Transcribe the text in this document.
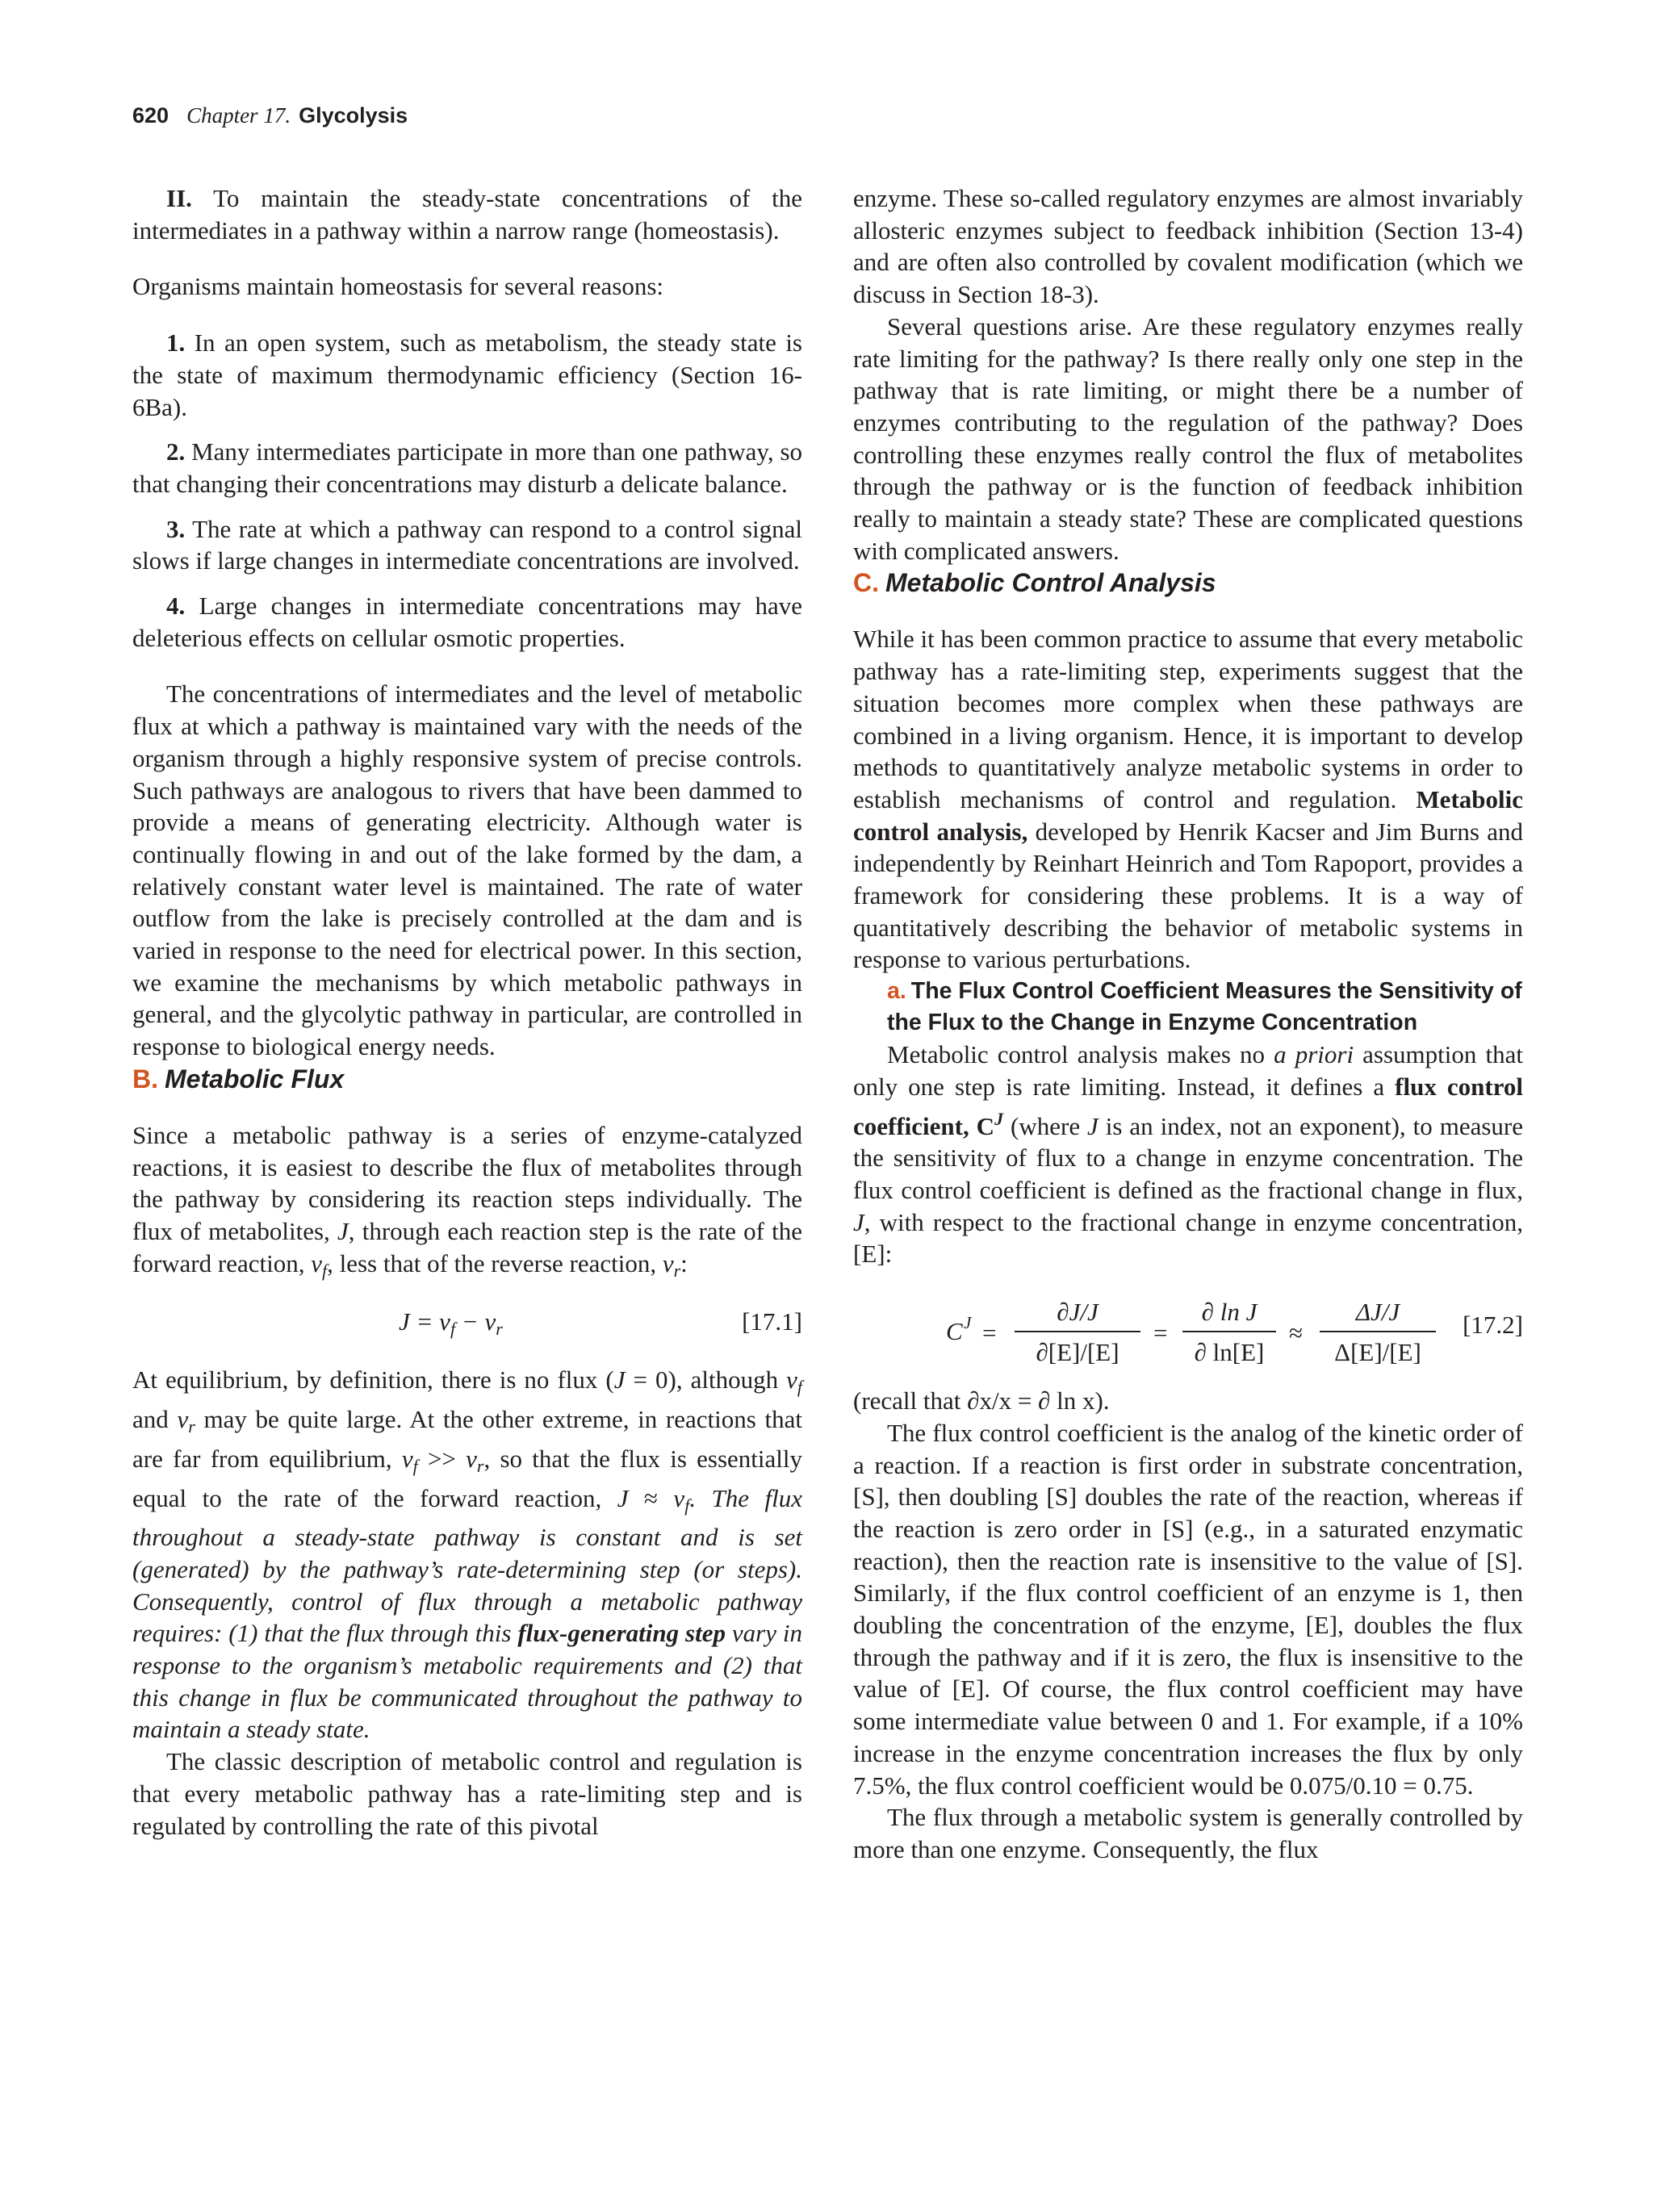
620 Chapter 17. Glycolysis

II. To maintain the steady-state concentrations of the intermediates in a pathway within a narrow range (homeostasis).

Organisms maintain homeostasis for several reasons:

1. In an open system, such as metabolism, the steady state is the state of maximum thermodynamic efficiency (Section 16-6Ba).

2. Many intermediates participate in more than one pathway, so that changing their concentrations may disturb a delicate balance.

3. The rate at which a pathway can respond to a control signal slows if large changes in intermediate concentrations are involved.

4. Large changes in intermediate concentrations may have deleterious effects on cellular osmotic properties.

The concentrations of intermediates and the level of metabolic flux at which a pathway is maintained vary with the needs of the organism through a highly responsive system of precise controls. Such pathways are analogous to rivers that have been dammed to provide a means of generating electricity. Although water is continually flowing in and out of the lake formed by the dam, a relatively constant water level is maintained. The rate of water outflow from the lake is precisely controlled at the dam and is varied in response to the need for electrical power. In this section, we examine the mechanisms by which metabolic pathways in general, and the glycolytic pathway in particular, are controlled in response to biological energy needs.

B. Metabolic Flux

Since a metabolic pathway is a series of enzyme-catalyzed reactions, it is easiest to describe the flux of metabolites through the pathway by considering its reaction steps individually. The flux of metabolites, J, through each reaction step is the rate of the forward reaction, $v_f$, less that of the reverse reaction, $v_r$:

$J = v_f - v_r$	[17.1]

At equilibrium, by definition, there is no flux (J = 0), although $v_f$ and $v_r$ may be quite large. At the other extreme, in reactions that are far from equilibrium, $v_f >> v_r$, so that the flux is essentially equal to the rate of the forward reaction, $J \approx v_f$. The flux throughout a steady-state pathway is constant and is set (generated) by the pathway’s rate-determining step (or steps). Consequently, control of flux through a metabolic pathway requires: (1) that the flux through this flux-generating step vary in response to the organism’s metabolic requirements and (2) that this change in flux be communicated throughout the pathway to maintain a steady state.

The classic description of metabolic control and regulation is that every metabolic pathway has a rate-limiting step and is regulated by controlling the rate of this pivotal

enzyme. These so-called regulatory enzymes are almost invariably allosteric enzymes subject to feedback inhibition (Section 13-4) and are often also controlled by covalent modification (which we discuss in Section 18-3).

Several questions arise. Are these regulatory enzymes really rate limiting for the pathway? Is there really only one step in the pathway that is rate limiting, or might there be a number of enzymes contributing to the regulation of the pathway? Does controlling these enzymes really control the flux of metabolites through the pathway or is the function of feedback inhibition really to maintain a steady state? These are complicated questions with complicated answers.

C. Metabolic Control Analysis

While it has been common practice to assume that every metabolic pathway has a rate-limiting step, experiments suggest that the situation becomes more complex when these pathways are combined in a living organism. Hence, it is important to develop methods to quantitatively analyze metabolic systems in order to establish mechanisms of control and regulation. Metabolic control analysis, developed by Henrik Kacser and Jim Burns and independently by Reinhart Heinrich and Tom Rapoport, provides a framework for considering these problems. It is a way of quantitatively describing the behavior of metabolic systems in response to various perturbations.

a. The Flux Control Coefficient Measures the Sensitivity of the Flux to the Change in Enzyme Concentration

Metabolic control analysis makes no a priori assumption that only one step is rate limiting. Instead, it defines a flux control coefficient, $C^J$ (where J is an index, not an exponent), to measure the sensitivity of flux to a change in enzyme concentration. The flux control coefficient is defined as the fractional change in flux, J, with respect to the fractional change in enzyme concentration, [E]:

C J =
∂J/J
∂[E]/[E]
=
∂ ln J
∂ ln[E]
≈
ΔJ/J
Δ[E]/[E]
[17.2]

(recall that ∂x/x = ∂ ln x).

The flux control coefficient is the analog of the kinetic order of a reaction. If a reaction is first order in substrate concentration, [S], then doubling [S] doubles the rate of the reaction, whereas if the reaction is zero order in [S] (e.g., in a saturated enzymatic reaction), then the reaction rate is insensitive to the value of [S]. Similarly, if the flux control coefficient of an enzyme is 1, then doubling the concentration of the enzyme, [E], doubles the flux through the pathway and if it is zero, the flux is insensitive to the value of [E]. Of course, the flux control coefficient may have some intermediate value between 0 and 1. For example, if a 10% increase in the enzyme concentration increases the flux by only 7.5%, the flux control coefficient would be 0.075/0.10 = 0.75.

The flux through a metabolic system is generally controlled by more than one enzyme. Consequently, the flux
